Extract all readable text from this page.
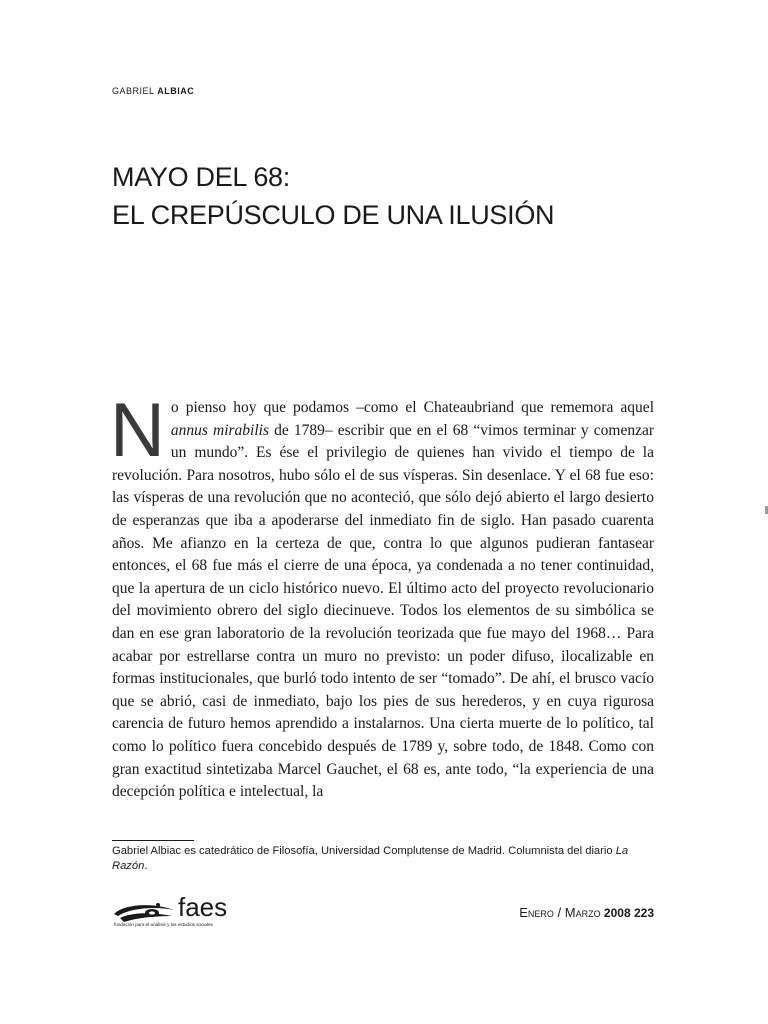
GABRIEL ALBIAC
MAYO DEL 68:
EL CREPÚSCULO DE UNA ILUSIÓN

No pienso hoy que podamos –como el Chateaubriand que rememora aquel annus mirabilis de 1789– escribir que en el 68 “vimos terminar y comenzar un mundo”. Es ése el privilegio de quienes han vivido el tiempo de la revolución. Para nosotros, hubo sólo el de sus vísperas. Sin desenlace. Y el 68 fue eso: las vísperas de una revolución que no aconteció, que sólo dejó abierto el largo desierto de esperanzas que iba a apoderarse del inmediato fin de siglo. Han pasado cuarenta años. Me afianzo en la certeza de que, contra lo que algunos pudieran fantasear entonces, el 68 fue más el cierre de una época, ya condenada a no tener continuidad, que la apertura de un ciclo histórico nuevo. El último acto del proyecto revolucionario del movimiento obrero del siglo diecinueve. Todos los elementos de su simbólica se dan en ese gran laboratorio de la revolución teorizada que fue mayo del 1968… Para acabar por estrellarse contra un muro no previsto: un poder difuso, ilocalizable en formas institucionales, que burló todo intento de ser “tomado”. De ahí, el brusco vacío que se abrió, casi de inmediato, bajo los pies de sus herederos, y en cuya rigurosa carencia de futuro hemos aprendido a instalarnos. Una cierta muerte de lo político, tal como lo político fuera concebido después de 1789 y, sobre todo, de 1848. Como con gran exactitud sintetizaba Marcel Gauchet, el 68 es, ante todo, “la experiencia de una decepción política e intelectual, la

Gabriel Albiac es catedrático de Filosofía, Universidad Complutense de Madrid. Columnista del diario La Razón.
faes
fundación para el análisis y los estudios sociales
Enero / Marzo 2008 223
